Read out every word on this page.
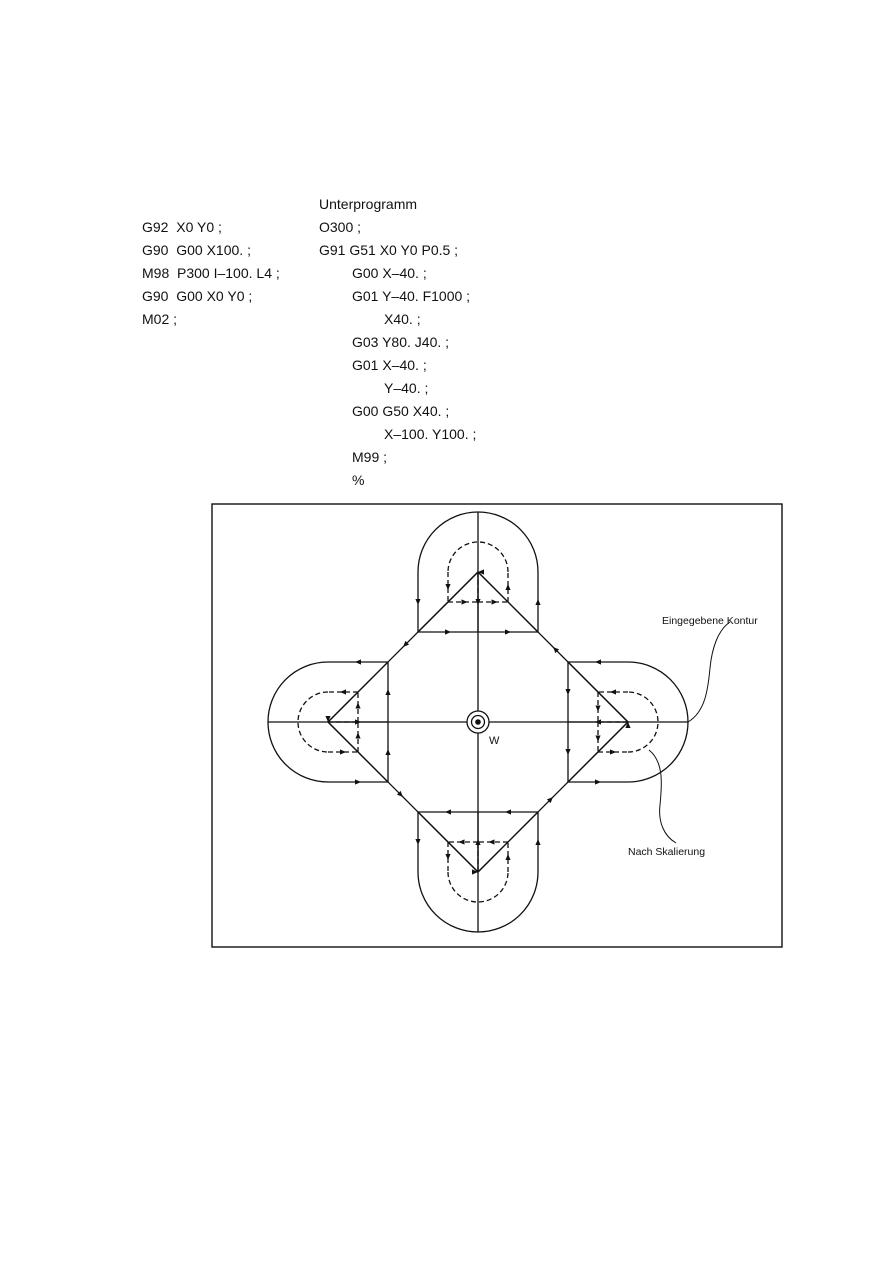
G92  X0 Y0 ;
G90  G00 X100. ;
M98  P300 I–100. L4 ;
G90  G00 X0 Y0 ;
M02 ;
Unterprogramm
O300 ;
G91 G51 X0 Y0 P0.5 ;
G00 X–40. ;
G01 Y–40. F1000 ;
X40. ;
G03 Y80. J40. ;
G01 X–40. ;
Y–40. ;
G00 G50 X40. ;
X–100. Y100. ;
M99 ;
%
W
Eingegebene Kontur
Nach Skalierung
